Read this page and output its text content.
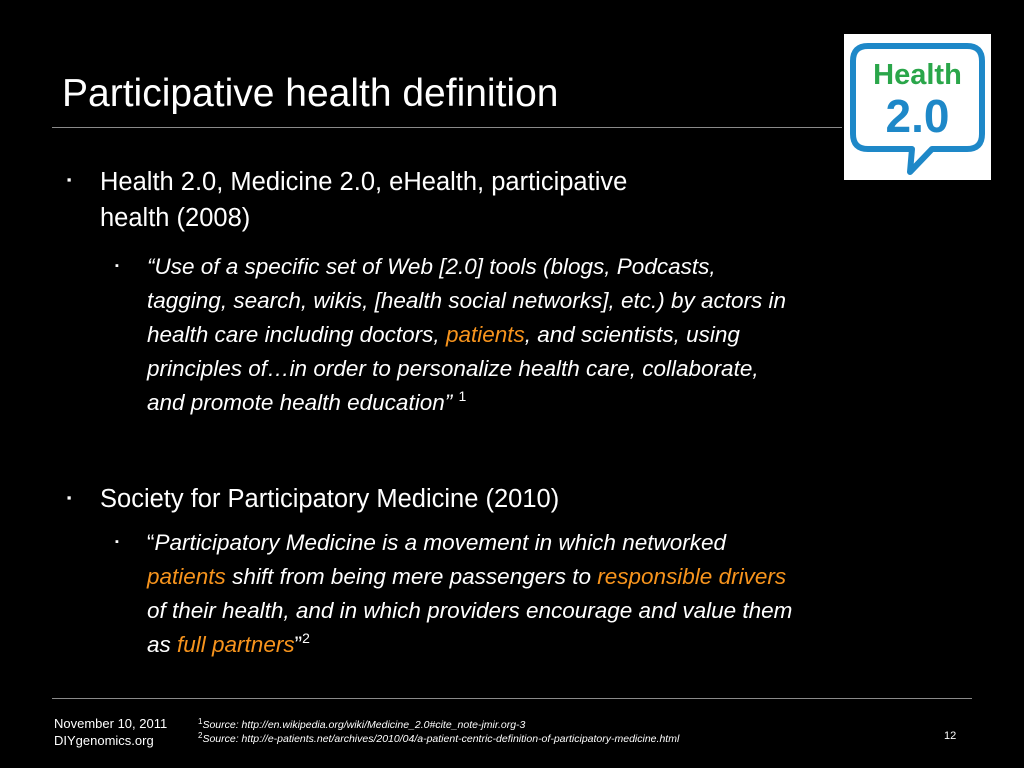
Participative health definition	Health
2.0
▪ Health 2.0, Medicine 2.0, eHealth, participative
health (2008)
▪ “Use of a specific set of Web [2.0] tools (blogs, Podcasts,
tagging, search, wikis, [health social networks], etc.) by actors in
health care including doctors, patients, and scientists, using
principles of…in order to personalize health care, collaborate,
and promote health education” $^1$
▪ Society for Participatory Medicine (2010)
▪ “Participatory Medicine is a movement in which networked
patients shift from being mere passengers to responsible drivers
of their health, and in which providers encourage and value them
as full partners”$^2$
November 10, 2011
DIYgenomics.org
$^1$Source: http://en.wikipedia.org/wiki/Medicine_2.0#cite_note-jmir.org-3
$^2$Source: http://e-patients.net/archives/2010/04/a-patient-centric-definition-of-participatory-medicine.html	12
